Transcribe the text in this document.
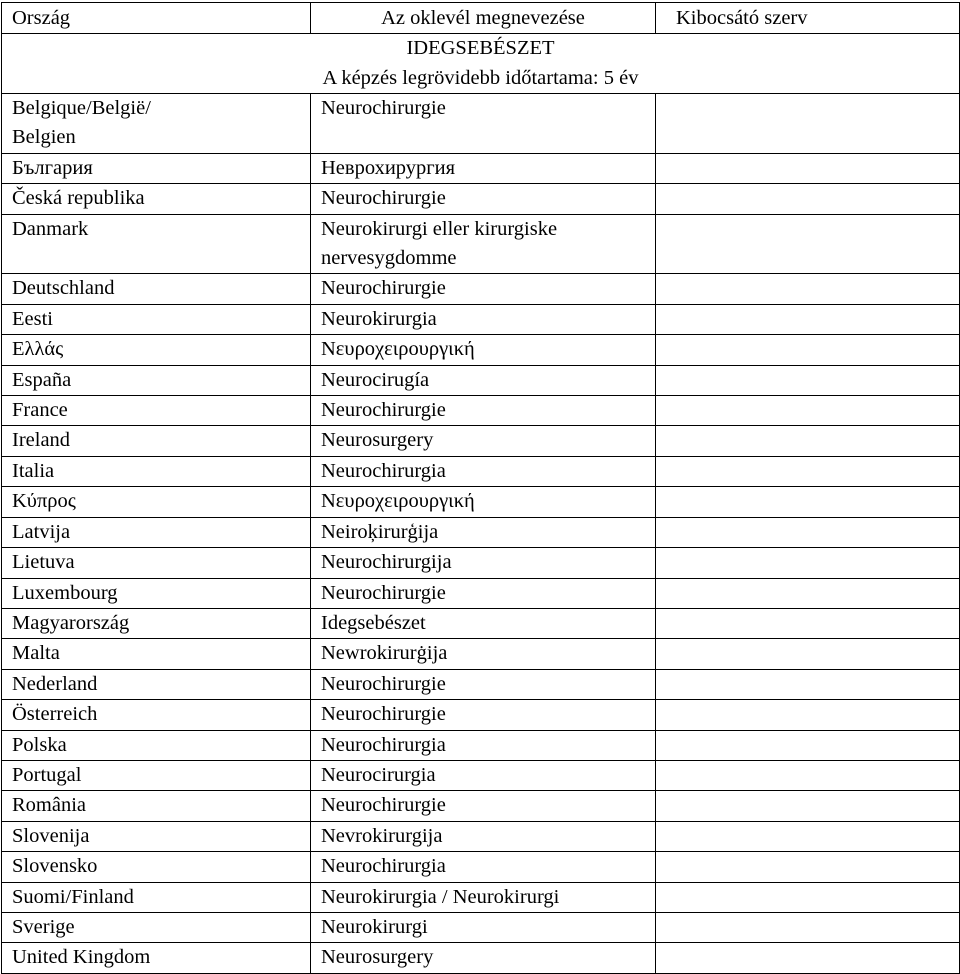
Ország	Az oklevél megnevezése	Kibocsátó szerv

IDEGSEBÉSZET
A képzés legrövidebb időtartama: 5 év		

Belgique/België/
Belgien	Neurochirurgie	

България	Неврохирургия	

Česká republika	Neurochirurgie	

Danmark	Neurokirurgi eller kirurgiske
nervesygdomme	

Deutschland	Neurochirurgie	

Eesti	Neurokirurgia	

Ελλάς	Νευροχειρουργική	

España	Neurocirugía	

France	Neurochirurgie	

Ireland	Neurosurgery	

Italia	Neurochirurgia	

Κύπρος	Νευροχειρουργική	

Latvija	Neiroķirurģija	

Lietuva	Neurochirurgija	

Luxembourg	Neurochirurgie	

Magyarország	Idegsebészet	

Malta	Newrokirurġija	

Nederland	Neurochirurgie	

Österreich	Neurochirurgie	

Polska	Neurochirurgia	

Portugal	Neurocirurgia	

România	Neurochirurgie	

Slovenija	Nevrokirurgija	

Slovensko	Neurochirurgia	

Suomi/Finland	Neurokirurgia / Neurokirurgi	

Sverige	Neurokirurgi	

United Kingdom	Neurosurgery	
